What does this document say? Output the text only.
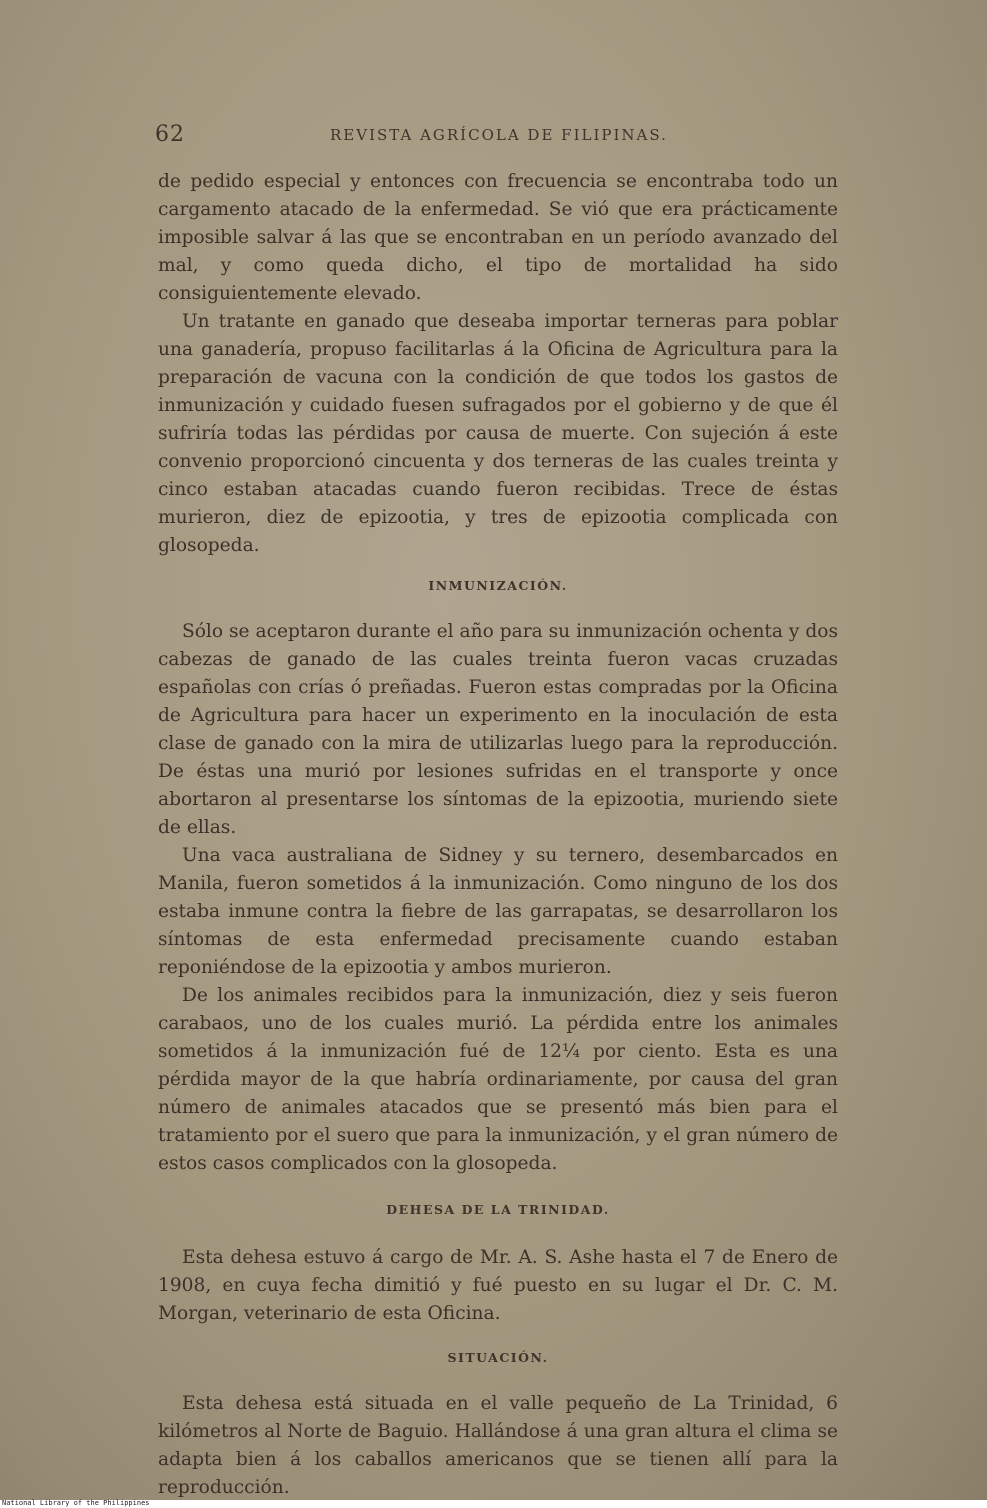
62	REVISTA AGRÍCOLA DE FILIPINAS.

de pedido especial y entonces con frecuencia se encontraba todo un cargamento atacado de la enfermedad. Se vió que era prácticamente imposible salvar á las que se encontraban en un período avanzado del mal, y como queda dicho, el tipo de mortalidad ha sido consiguientemente elevado.

Un tratante en ganado que deseaba importar terneras para poblar una ganadería, propuso facilitarlas á la Oficina de Agricultura para la preparación de vacuna con la condición de que todos los gastos de inmunización y cuidado fuesen sufragados por el gobierno y de que él sufriría todas las pérdidas por causa de muerte. Con sujeción á este convenio proporcionó cincuenta y dos terneras de las cuales treinta y cinco estaban atacadas cuando fueron recibidas. Trece de éstas murieron, diez de epizootia, y tres de epizootia complicada con glosopeda.

INMUNIZACIÓN.

Sólo se aceptaron durante el año para su inmunización ochenta y dos cabezas de ganado de las cuales treinta fueron vacas cruzadas españolas con crías ó preñadas. Fueron estas compradas por la Oficina de Agricultura para hacer un experimento en la inoculación de esta clase de ganado con la mira de utilizarlas luego para la reproducción. De éstas una murió por lesiones sufridas en el transporte y once abortaron al presentarse los síntomas de la epizootia, muriendo siete de ellas.

Una vaca australiana de Sidney y su ternero, desembarcados en Manila, fueron sometidos á la inmunización. Como ninguno de los dos estaba inmune contra la fiebre de las garrapatas, se desarrollaron los síntomas de esta enfermedad precisamente cuando estaban reponiéndose de la epizootia y ambos murieron.

De los animales recibidos para la inmunización, diez y seis fueron carabaos, uno de los cuales murió. La pérdida entre los animales sometidos á la inmunización fué de 12¼ por ciento. Esta es una pérdida mayor de la que habría ordinariamente, por causa del gran número de animales atacados que se presentó más bien para el tratamiento por el suero que para la inmunización, y el gran número de estos casos complicados con la glosopeda.

DEHESA DE LA TRINIDAD.

Esta dehesa estuvo á cargo de Mr. A. S. Ashe hasta el 7 de Enero de 1908, en cuya fecha dimitió y fué puesto en su lugar el Dr. C. M. Morgan, veterinario de esta Oficina.

SITUACIÓN.

Esta dehesa está situada en el valle pequeño de La Trinidad, 6 kilómetros al Norte de Baguio. Hallándose á una gran altura el clima se adapta bien á los caballos americanos que se tienen allí para la reproducción.

National Library of the Philippines
